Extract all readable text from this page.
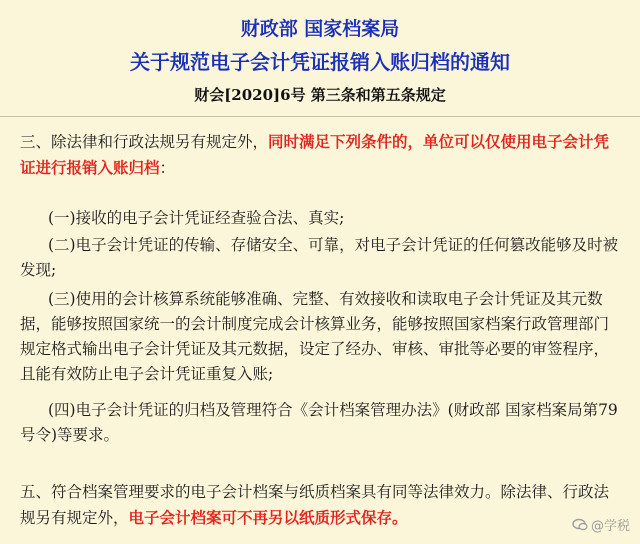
财政部 国家档案局
关于规范电子会计凭证报销入账归档的通知
财会[2020]6号 第三条和第五条规定

三、除法律和行政法规另有规定外，同时满足下列条件的，单位可以仅使用电子会计凭证进行报销入账归档：

(一)接收的电子会计凭证经查验合法、真实;

(二)电子会计凭证的传输、存储安全、可靠，对电子会计凭证的任何篡改能够及时被发现;

(三)使用的会计核算系统能够准确、完整、有效接收和读取电子会计凭证及其元数据，能够按照国家统一的会计制度完成会计核算业务，能够按照国家档案行政管理部门规定格式输出电子会计凭证及其元数据，设定了经办、审核、审批等必要的审签程序，且能有效防止电子会计凭证重复入账;

(四)电子会计凭证的归档及管理符合《会计档案管理办法》(财政部 国家档案局第79号令)等要求。

五、符合档案管理要求的电子会计档案与纸质档案具有同等法律效力。除法律、行政法规另有规定外，电子会计档案可不再另以纸质形式保存。	@学税
